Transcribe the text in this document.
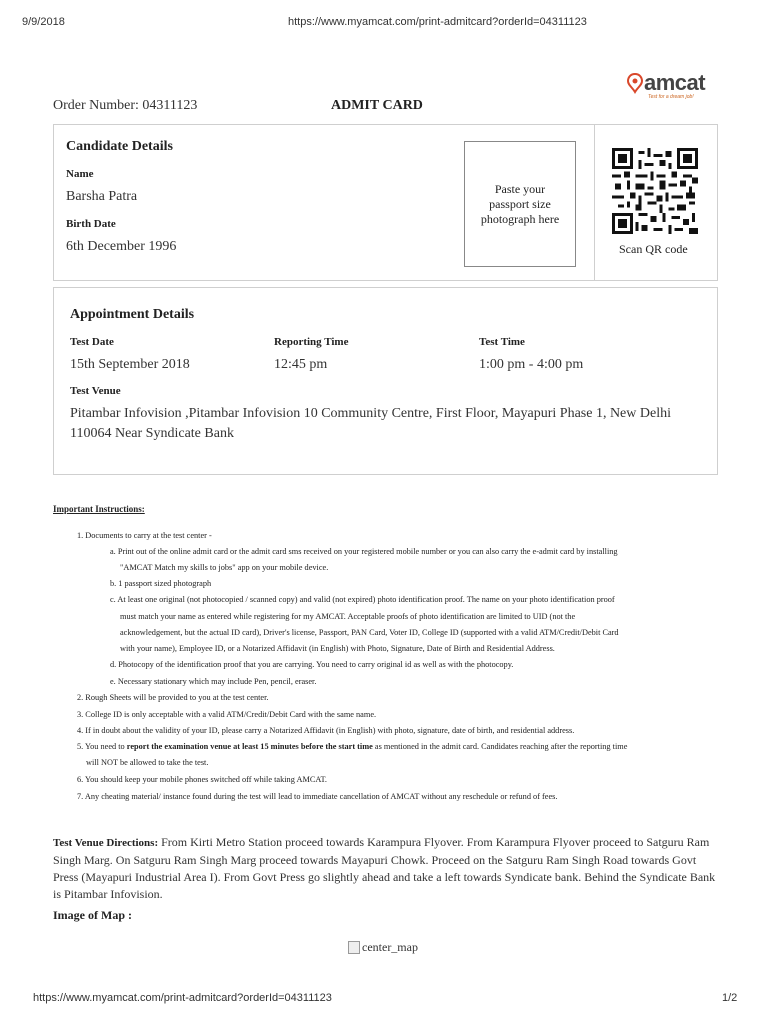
9/9/2018	https://www.myamcat.com/print-admitcard?orderId=04311123
amcat
Test for a dream job!
Order Number: 04311123	ADMIT CARD
Candidate Details
Name
Barsha Patra
Birth Date
6th December 1996
Paste your passport size photograph here
Scan QR code
Appointment Details
Test Date
15th September 2018
Reporting Time
12:45 pm
Test Time
1:00 pm - 4:00 pm
Test Venue
Pitambar Infovision ,Pitambar Infovision 10 Community Centre, First Floor, Mayapuri Phase 1, New Delhi 110064 Near Syndicate Bank
Important Instructions:
1. Documents to carry at the test center -
a. Print out of the online admit card or the admit card sms received on your registered mobile number or you can also carry the e-admit card by installing
"AMCAT Match my skills to jobs" app on your mobile device.
b. 1 passport sized photograph
c. At least one original (not photocopied / scanned copy) and valid (not expired) photo identification proof. The name on your photo identification proof
must match your name as entered while registering for my AMCAT. Acceptable proofs of photo identification are limited to UID (not the
acknowledgement, but the actual ID card), Driver's license, Passport, PAN Card, Voter ID, College ID (supported with a valid ATM/Credit/Debit Card
with your name), Employee ID, or a Notarized Affidavit (in English) with Photo, Signature, Date of Birth and Residential Address.
d. Photocopy of the identification proof that you are carrying. You need to carry original id as well as with the photocopy.
e. Necessary stationary which may include Pen, pencil, eraser.
2. Rough Sheets will be provided to you at the test center.
3. College ID is only acceptable with a valid ATM/Credit/Debit Card with the same name.
4. If in doubt about the validity of your ID, please carry a Notarized Affidavit (in English) with photo, signature, date of birth, and residential address.
5. You need to report the examination venue at least 15 minutes before the start time as mentioned in the admit card. Candidates reaching after the reporting time
will NOT be allowed to take the test.
6. You should keep your mobile phones switched off while taking AMCAT.
7. Any cheating material/ instance found during the test will lead to immediate cancellation of AMCAT without any reschedule or refund of fees.
Test Venue Directions: From Kirti Metro Station proceed towards Karampura Flyover. From Karampura Flyover proceed to Satguru Ram Singh Marg. On Satguru Ram Singh Marg proceed towards Mayapuri Chowk. Proceed on the Satguru Ram Singh Road towards Govt Press (Mayapuri Industrial Area I). From Govt Press go slightly ahead and take a left towards Syndicate bank. Behind the Syndicate Bank is Pitambar Infovision.
Image of Map :
center_map
https://www.myamcat.com/print-admitcard?orderId=04311123	1/2
